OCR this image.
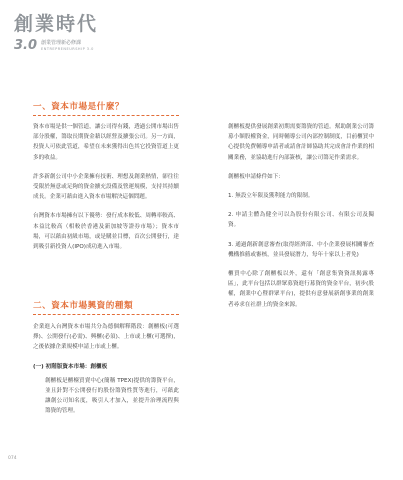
創業時代
3.0 創業管理新必修課
ENTREPRENEURSHIP 3.0
一、資本市場是什麼？

資本市場是供一個管道，讓公司得有錢，透過公開市場出售部分股權，籌取長期資金藉以經營及擴張公司。另一方面，投資人可依此管道，希望在未來獲得出色其它投資管道上更多的收益。

許多新創公司中小企業擁有技術、理想及創業熱情，卻往往受限於無意或足夠的資金擴充設備及營運規模，支持其持續成長。企業可藉由進入資本市場解決這個問題。

台灣資本市場擁有以下優勢：發行成本較低、周轉率較高、本益比較高（相較於香港及新加坡等證券市場）；資本市場，可以藉由初級市場，或是購並目標，首次公開發行，達到吸引新投資人(IPO)成功進入市場。

二、資本市場興資的種類

企業進入台灣資本市場共分為德個解釋階段：創櫃板(可選擇)、公開發行(必需)、興櫃(必須)、上市或上櫃(可選擇)，之後依據企業規模申請上市或上櫃。

(一) 初階版資本市場：創櫃板

創櫃板是櫃檯買賣中心(簡稱 TPEX)提供的籌資平台，並且針對不公開發行的股份籌資性質等進行，可藉此讓創公司知名度，吸引人才加入，並提升治理流程與籌資的管理。

創櫃板提供發展創業初期需要籌資的管道。幫助創業公司籌募小額股權資金，同時輔導公司內部控制制度，目前櫃買中心提供免費輔導申請者或請會計師協助其完成會計作業的相關業務，並協助進行內部簽核，讓公司籌足作業需求。

創櫃板申請條件如下：

1. 無設立年限及獲利能力的限制。

2. 申請主體為健全可以為股份有限公司、有限公司及獨資。

3. 通過創新創意審查(取得經濟部、中小企業發展相關審查機構推薦或審核，並具發展潛力，每年十家以上者免)

櫃買中心除了創櫃板以外，還有「創意集資資訊揭露專區」，此平台包括以群眾募資進行募資的資金平台，初步(股權，創業中心暨群眾平台)，提供有意發展新創事業的創業者尋求在社群上的資金來源。

074
